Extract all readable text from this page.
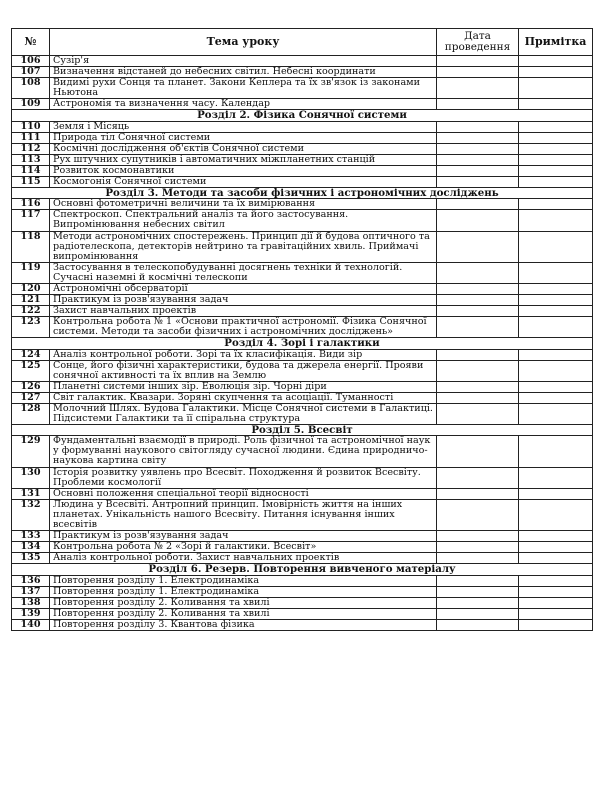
№	Тема уроку	Дата проведення	Примітка
106	Сузір'я		
107	Визначення відстаней до небесних світил. Небесні координати		
108	Видимі рухи Сонця та планет. Закони Кеплера та їх зв'язок із законами Ньютона		
109	Астрономія та визначення часу. Календар		
Розділ 2. Фізика Сонячної системи			
110	Земля і Місяць		
111	Природа тіл Сонячної системи		
112	Космічні дослідження об'єктів Сонячної системи		
113	Рух штучних супутників і автоматичних міжпланетних станцій		
114	Розвиток космонавтики		
115	Космогонія Сонячної системи		
Розділ 3. Методи та засоби фізичних і астрономічних досліджень			
116	Основні фотометричні величини та їх вимірювання		
117	Спектроскоп. Спектральний аналіз та його застосування. Випромінювання небесних світил		
118	Методи астрономічних спостережень. Принцип дії й будова оптичного та радіотелескопа, детекторів нейтрино та гравітаційних хвиль. Приймачі випромінювання		
119	Застосування в телескопобудуванні досягнень техніки й технологій. Сучасні наземні й космічні телескопи		
120	Астрономічні обсерваторії		
121	Практикум із розв'язування задач		
122	Захист навчальних проектів		
123	Контрольна робота № 1 «Основи практичної астрономії. Фізика Сонячної системи. Методи та засоби фізичних і астрономічних досліджень»		
Розділ 4. Зорі і галактики			
124	Аналіз контрольної роботи. Зорі та їх класифікація. Види зір		
125	Сонце, його фізичні характеристики, будова та джерела енергії. Прояви сонячної активності та їх вплив на Землю		
126	Планетні системи інших зір. Еволюція зір. Чорні діри		
127	Світ галактик. Квазари. Зоряні скупчення та асоціації. Туманності		
128	Молочний Шлях. Будова Галактики. Місце Сонячної системи в Галактиці. Підсистеми Галактики та її спіральна структура		
Розділ 5. Всесвіт			
129	Фундаментальні взаємодії в природі. Роль фізичної та астрономічної наук у формуванні наукового світогляду сучасної людини. Єдина природничо-наукова картина світу		
130	Історія розвитку уявлень про Всесвіт. Походження й розвиток Всесвіту. Проблеми космології		
131	Основні положення спеціальної теорії відносності		
132	Людина у Всесвіті. Антропний принцип. Імовірність життя на інших планетах. Унікальність нашого Всесвіту. Питання існування інших всесвітів		
133	Практикум із розв'язування задач		
134	Контрольна робота № 2 «Зорі й галактики. Всесвіт»		
135	Аналіз контрольної роботи. Захист навчальних проектів		
Розділ 6. Резерв. Повторення вивченого матеріалу			
136	Повторення розділу 1. Електродинаміка		
137	Повторення розділу 1. Електродинаміка		
138	Повторення розділу 2. Коливання та хвилі		
139	Повторення розділу 2. Коливання та хвилі		
140	Повторення розділу 3. Квантова фізика		
